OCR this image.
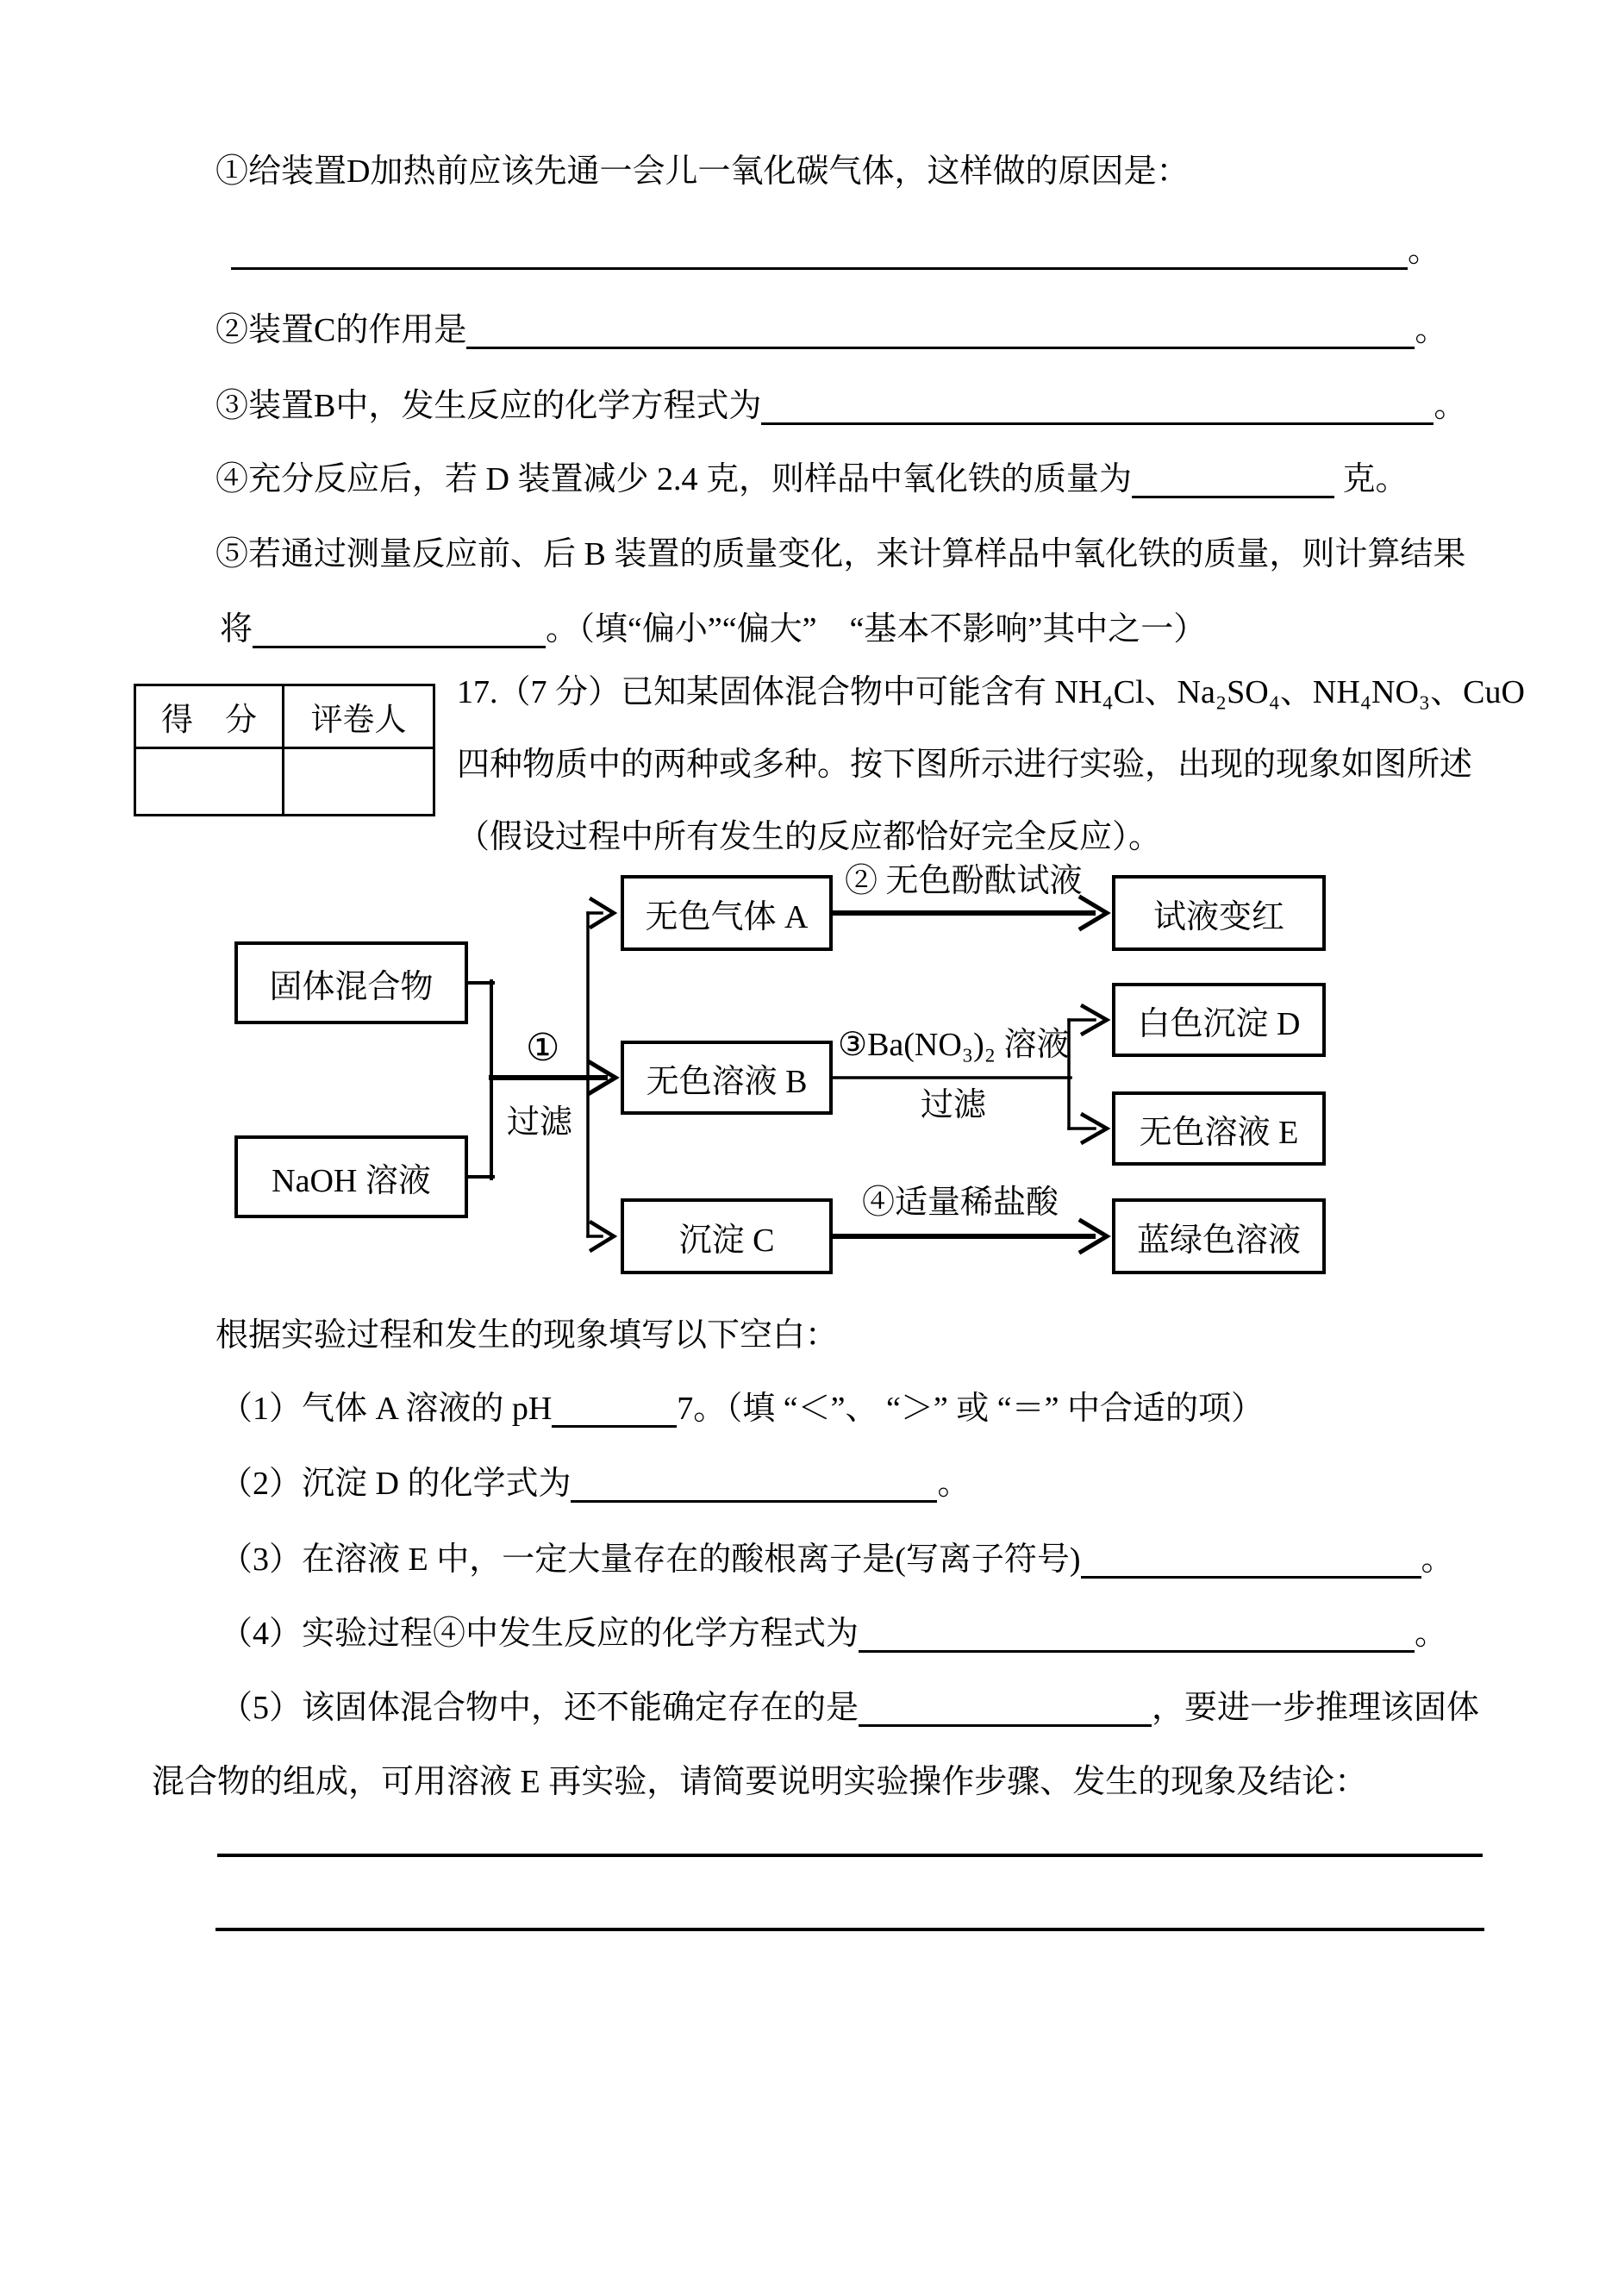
①给装置D加热前应该先通一会儿一氧化碳气体，这样做的原因是：
。
②装置C的作用是	。
③装置B中，发生反应的化学方程式为	。
④充分反应后，若 D 装置减少 2.4 克，则样品中氧化铁的质量为	克。
⑤若通过测量反应前、后 B 装置的质量变化，来计算样品中氧化铁的质量，则计算结果
将	。（填“偏小”“偏大”　“基本不影响”其中之一）
得　分	评卷人
17.（7 分）已知某固体混合物中可能含有 NH₄Cl、Na₂SO₄、NH₄NO₃、CuO
四种物质中的两种或多种。按下图所示进行实验，出现的现象如图所述
（假设过程中所有发生的反应都恰好完全反应）。
固体混合物
NaOH 溶液
无色气体 A
无色溶液 B
沉淀 C
试液变红
白色沉淀 D
无色溶液 E
蓝绿色溶液
①
过滤
② 无色酚酞试液
③Ba(NO₃)₂ 溶液
过滤
④适量稀盐酸
根据实验过程和发生的现象填写以下空白：
（1）气体 A 溶液的 pH	7。（填 “＜”、 “＞” 或 “＝” 中合适的项）
（2）沉淀 D 的化学式为	。
（3）在溶液 E 中，一定大量存在的酸根离子是(写离子符号)	。
（4）实验过程④中发生反应的化学方程式为	。
（5）该固体混合物中，还不能确定存在的是	，要进一步推理该固体
混合物的组成，可用溶液 E 再实验，请简要说明实验操作步骤、发生的现象及结论：
